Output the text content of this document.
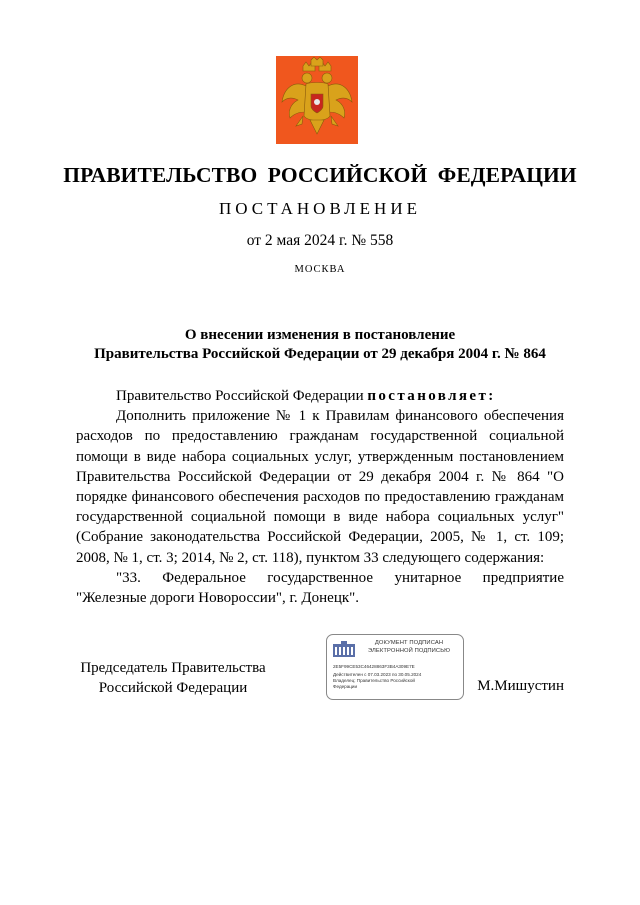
ПРАВИТЕЛЬСТВО РОССИЙСКОЙ ФЕДЕРАЦИИ
ПОСТАНОВЛЕНИЕ
от 2 мая 2024 г. № 558
МОСКВА
О внесении изменения в постановление
Правительства Российской Федерации от 29 декабря 2004 г. № 864

Правительство Российской Федерации постановляет:

Дополнить приложение № 1 к Правилам финансового обеспечения расходов по предоставлению гражданам государственной социальной помощи в виде набора социальных услуг, утвержденным постановлением Правительства Российской Федерации от 29 декабря 2004 г. № 864 "О порядке финансового обеспечения расходов по предоставлению гражданам государственной социальной помощи в виде набора социальных услуг" (Собрание законодательства Российской Федерации, 2005, № 1, ст. 109; 2008, № 1, ст. 3; 2014, № 2, ст. 118), пунктом 33 следующего содержания:

"33. Федеральное государственное унитарное предприятие

"Железные дороги Новороссии", г. Донецк".

Председатель Правительства
Российской Федерации
ДОКУМЕНТ ПОДПИСАН
ЭЛЕКТРОННОЙ ПОДПИСЬЮ
2E5F99CE53C46428863F3B4A309E7E
Действителен с 07.03.2023 по 30.05.2024
Владелец: Правительство Российской
Федерации	М.Мишустин
